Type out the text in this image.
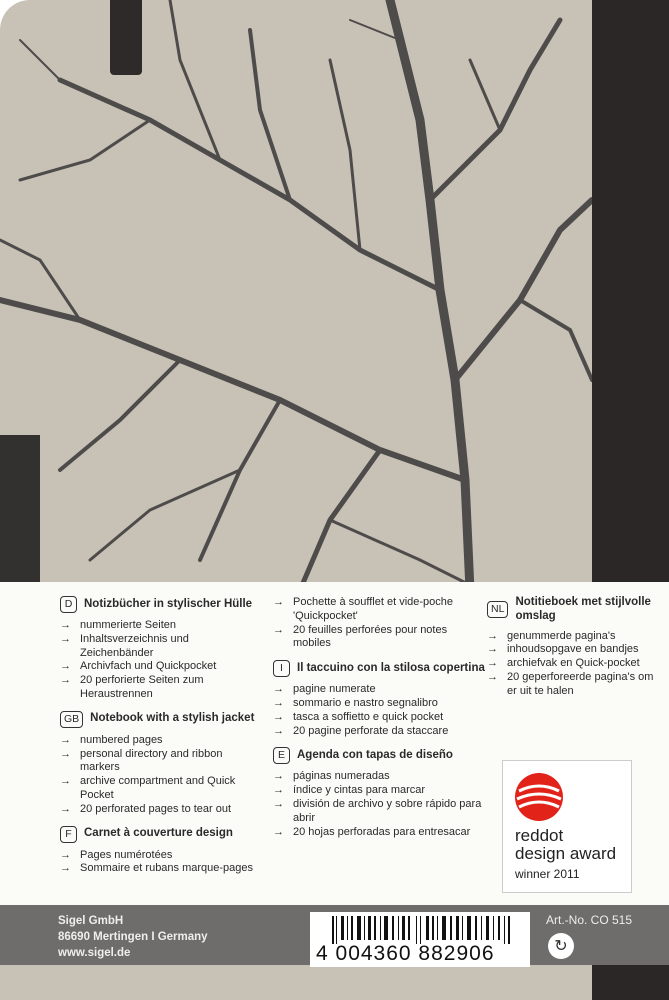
D	Notizbücher in stylischer Hülle
→ nummerierte Seiten
→ Inhaltsverzeichnis und Zeichenbänder
→ Archivfach und Quickpocket
→ 20 perforierte Seiten zum Heraustrennen
GB Notebook with a stylish jacket
→ numbered pages
→ personal directory and ribbon markers
→ archive compartment and Quick Pocket
→ 20 perforated pages to tear out
F	Carnet à couverture design
→ Pages numérotées
→ Sommaire et rubans marque-pages
→ Pochette à soufflet et vide-poche 'Quickpocket'
→ 20 feuilles perforées pour notes mobiles
I	Il taccuino con la stilosa copertina
→ pagine numerate
→ sommario e nastro segnalibro
→ tasca a soffietto e quick pocket
→ 20 pagine perforate da staccare
E	Agenda con tapas de diseño
→ páginas numeradas
→ índice y cintas para marcar
→ división de archivo y sobre rápido para abrir
→ 20 hojas perforadas para entresacar
NL
Notitieboek met stijlvolle omslag
→ genummerde pagina's
→ inhoudsopgave en bandjes
→ archiefvak en Quick-pocket
→ 20 geperforeerde pagina's om er uit te halen
reddot
design award
winner 2011
Sigel GmbH
86690 Mertingen I Germany
www.sigel.de	4 004360 882906
Art.-No. CO 515
↻
